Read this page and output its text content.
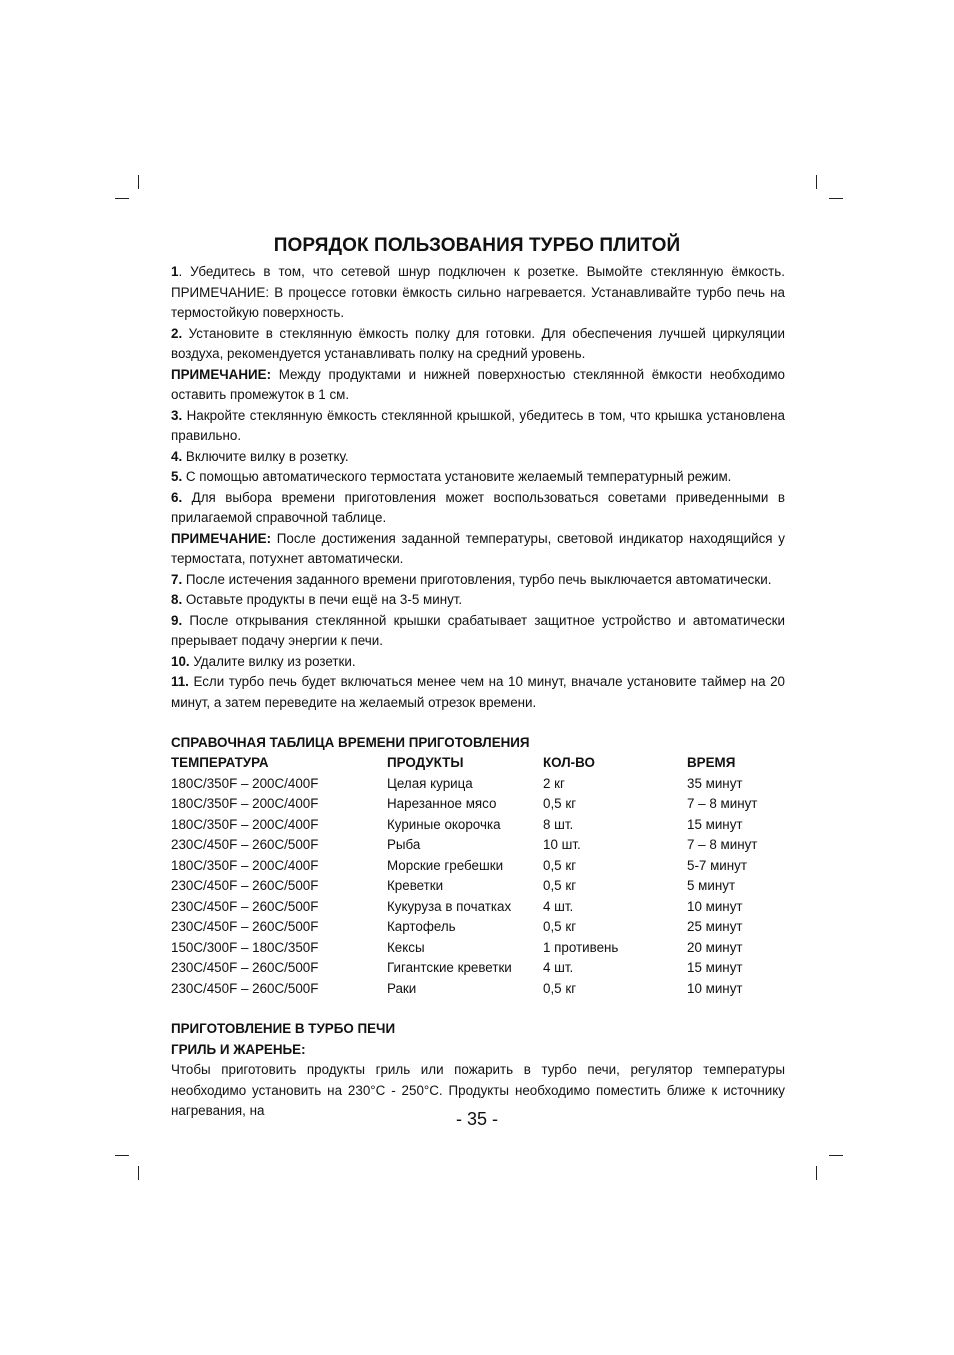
ПОРЯДОК ПОЛЬЗОВАНИЯ ТУРБО ПЛИТОЙ

1. Убедитесь в том, что сетевой шнур подключен к розетке. Вымойте стеклянную ёмкость. ПРИМЕЧАНИЕ: В процессе готовки ёмкость сильно нагревается. Устанавливайте турбо печь на термостойкую поверхность.

2. Установите в стеклянную ёмкость полку для готовки. Для обеспечения лучшей циркуляции воздуха, рекомендуется устанавливать полку на средний уровень.

ПРИМЕЧАНИЕ: Между продуктами и нижней поверхностью стеклянной ёмкости необходимо оставить промежуток в 1 см.

3. Накройте стеклянную ёмкость стеклянной крышкой, убедитесь в том, что крышка установлена правильно.

4. Включите вилку в розетку.

5. С помощью автоматического термостата установите желаемый температурный режим.

6. Для выбора времени приготовления может воспользоваться советами приведенными в прилагаемой справочной таблице.

ПРИМЕЧАНИЕ: После достижения заданной температуры, световой индикатор находящийся у термостата, потухнет автоматически.

7. После истечения заданного времени приготовления, турбо печь выключается автоматически.

8. Оставьте продукты в печи ещё на 3-5 минут.

9. После открывания стеклянной крышки срабатывает защитное устройство и автоматически прерывает подачу энергии к печи.

10. Удалите вилку из розетки.

11. Если турбо печь будет включаться менее чем на 10 минут, вначале установите таймер на 20 минут, а затем переведите на желаемый отрезок времени.

СПРАВОЧНАЯ ТАБЛИЦА ВРЕМЕНИ ПРИГОТОВЛЕНИЯ
ТЕМПЕРАТУРА	ПРОДУКТЫ	КОЛ-ВО	ВРЕМЯ
180C/350F – 200C/400F	Целая курица	2 кг	35 минут
180C/350F – 200C/400F	Нарезанное мясо	0,5 кг	7 – 8 минут
180C/350F – 200C/400F	Куриные окорочка	8 шт.	15 минут
230C/450F – 260C/500F	Рыба	10 шт.	7 – 8 минут
180C/350F – 200C/400F	Морские гребешки	0,5 кг	5-7 минут
230C/450F – 260C/500F	Креветки	0,5 кг	5 минут
230C/450F – 260C/500F	Кукуруза в початках	4 шт.	10 минут
230C/450F – 260C/500F	Картофель	0,5 кг	25 минут
150C/300F – 180C/350F	Кексы	1 противень	20 минут
230C/450F – 260C/500F	Гигантские креветки	4 шт.	15 минут
230C/450F – 260C/500F	Раки	0,5 кг	10 минут
ПРИГОТОВЛЕНИЕ В ТУРБО ПЕЧИ
ГРИЛЬ И ЖАРЕНЬЕ:

Чтобы приготовить продукты гриль или пожарить в турбо печи, регулятор температуры необходимо установить на 230°С - 250°С. Продукты необходимо поместить ближе к источнику нагревания, на	- 35 -
